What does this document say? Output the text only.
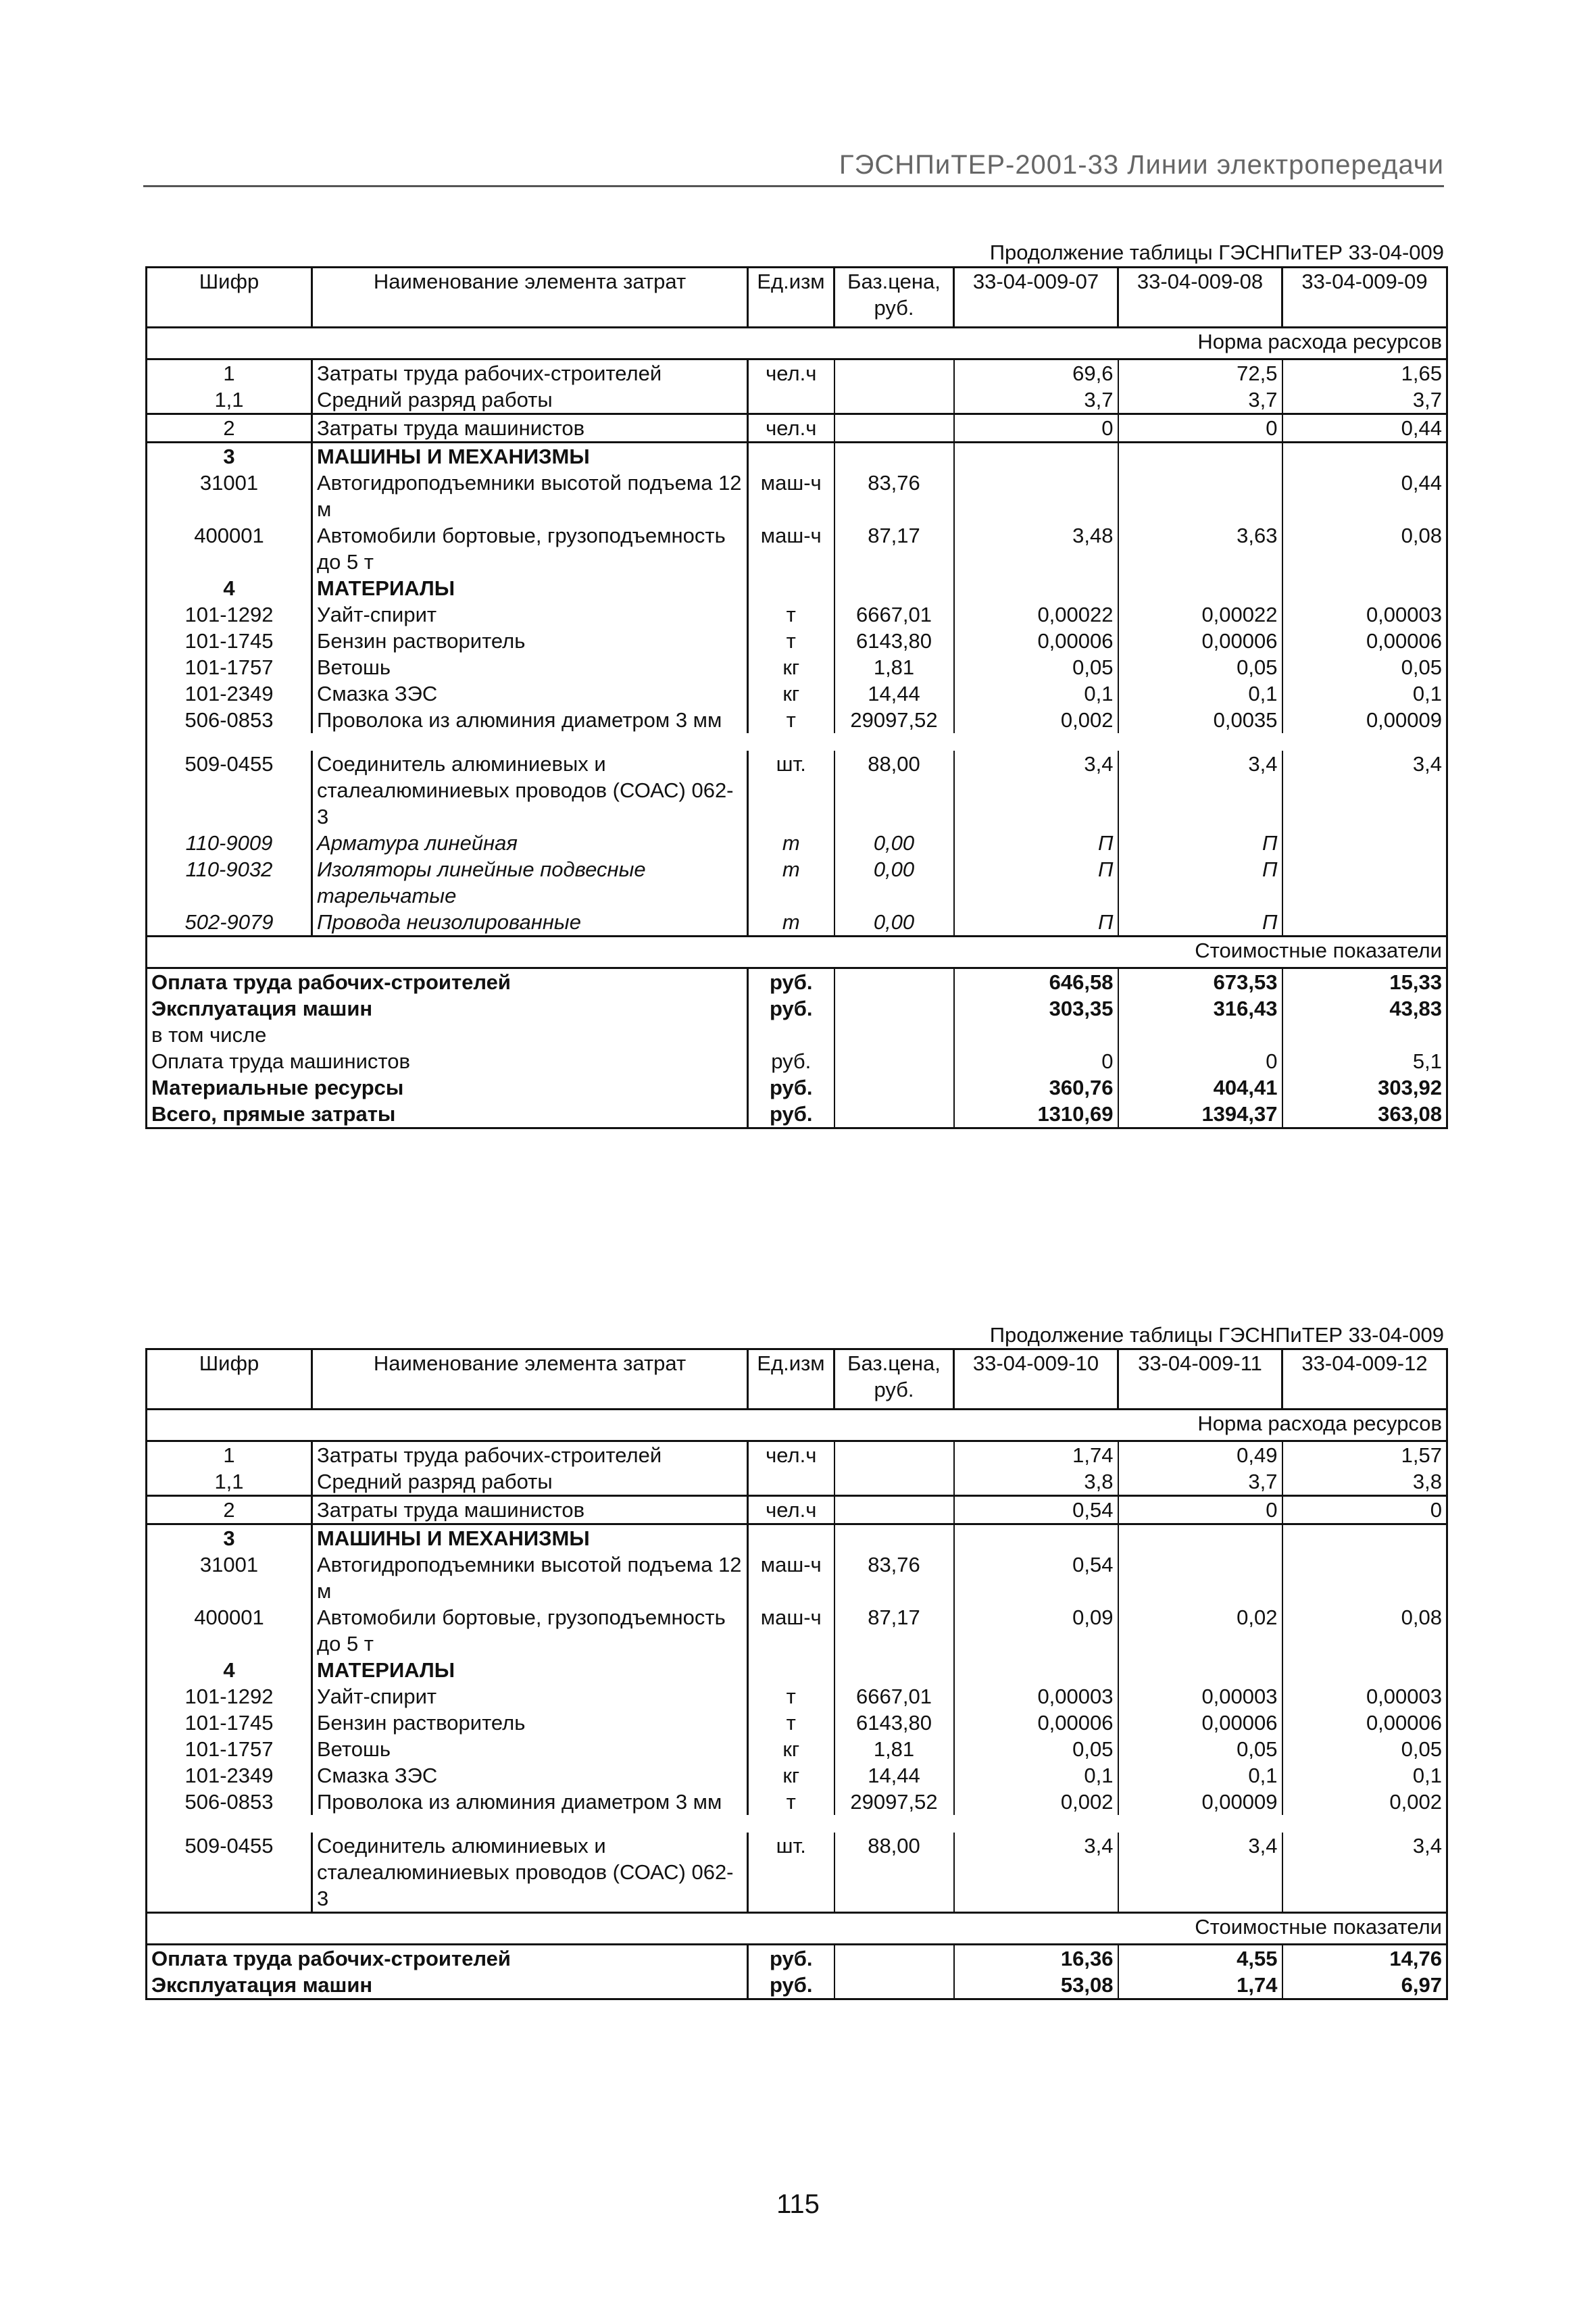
ГЭСНПиТЕР-2001-33 Линии электропередачи
Продолжение таблицы ГЭСНПиТЕР 33-04-009
Шифр	Наименование элемента затрат	Ед.изм	Баз.цена, руб.	33-04-009-07	33-04-009-08	33-04-009-09
Норма расхода ресурсов						
1	Затраты труда рабочих-строителей	чел.ч		69,6	72,5	1,65
1,1	Средний разряд работы			3,7	3,7	3,7
2	Затраты труда машинистов	чел.ч		0	0	0,44
3	МАШИНЫ И МЕХАНИЗМЫ					
31001	Автогидроподъемники высотой подъема 12 м	маш-ч	83,76			0,44
400001	Автомобили бортовые, грузоподъемность до 5 т	маш-ч	87,17	3,48	3,63	0,08
4	МАТЕРИАЛЫ					
101-1292	Уайт-спирит	т	6667,01	0,00022	0,00022	0,00003
101-1745	Бензин растворитель	т	6143,80	0,00006	0,00006	0,00006
101-1757	Ветошь	кг	1,81	0,05	0,05	0,05
101-2349	Смазка ЗЭС	кг	14,44	0,1	0,1	0,1
506-0853	Проволока из алюминия диаметром 3 мм	т	29097,52	0,002	0,0035	0,00009

509-0455	Соединитель алюминиевых и сталеалюминиевых проводов (СОАС) 062-3	шт.	88,00	3,4	3,4	3,4
110-9009	Арматура линейная	т	0,00	П	П	
110-9032	Изоляторы линейные подвесные тарельчатые	т	0,00	П	П	
502-9079	Провода неизолированные	т	0,00	П	П	
Стоимостные показатели						
Оплата труда рабочих-строителей		руб.		646,58	673,53	15,33
Эксплуатация машин		руб.		303,35	316,43	43,83
в том числе						
Оплата труда машинистов		руб.		0	0	5,1
Материальные ресурсы		руб.		360,76	404,41	303,92
Всего, прямые затраты		руб.		1310,69	1394,37	363,08
Продолжение таблицы ГЭСНПиТЕР 33-04-009
Шифр	Наименование элемента затрат	Ед.изм	Баз.цена, руб.	33-04-009-10	33-04-009-11	33-04-009-12
Норма расхода ресурсов						
1	Затраты труда рабочих-строителей	чел.ч		1,74	0,49	1,57
1,1	Средний разряд работы			3,8	3,7	3,8
2	Затраты труда машинистов	чел.ч		0,54	0	0
3	МАШИНЫ И МЕХАНИЗМЫ					
31001	Автогидроподъемники высотой подъема 12 м	маш-ч	83,76	0,54		
400001	Автомобили бортовые, грузоподъемность до 5 т	маш-ч	87,17	0,09	0,02	0,08
4	МАТЕРИАЛЫ					
101-1292	Уайт-спирит	т	6667,01	0,00003	0,00003	0,00003
101-1745	Бензин растворитель	т	6143,80	0,00006	0,00006	0,00006
101-1757	Ветошь	кг	1,81	0,05	0,05	0,05
101-2349	Смазка ЗЭС	кг	14,44	0,1	0,1	0,1
506-0853	Проволока из алюминия диаметром 3 мм	т	29097,52	0,002	0,00009	0,002

509-0455	Соединитель алюминиевых и сталеалюминиевых проводов (СОАС) 062-3	шт.	88,00	3,4	3,4	3,4
Стоимостные показатели						
Оплата труда рабочих-строителей		руб.		16,36	4,55	14,76
Эксплуатация машин		руб.		53,08	1,74	6,97
115
